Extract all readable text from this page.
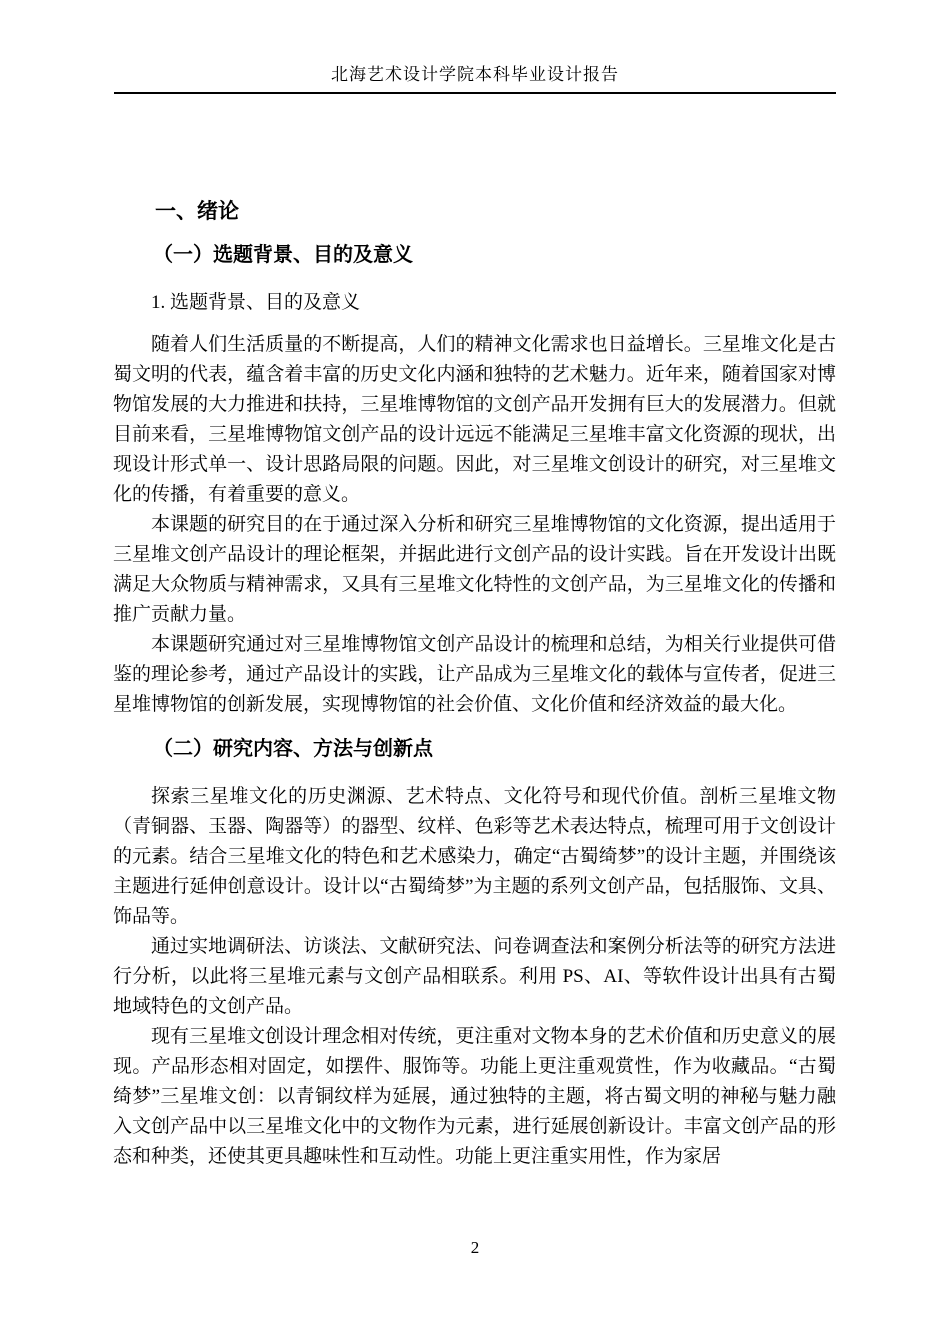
北海艺术设计学院本科毕业设计报告

一、绪论

（一）选题背景、目的及意义

1. 选题背景、目的及意义

随着人们生活质量的不断提高，人们的精神文化需求也日益增长。三星堆文化是古蜀文明的代表，蕴含着丰富的历史文化内涵和独特的艺术魅力。近年来，随着国家对博物馆发展的大力推进和扶持，三星堆博物馆的文创产品开发拥有巨大的发展潜力。但就目前来看，三星堆博物馆文创产品的设计远远不能满足三星堆丰富文化资源的现状，出现设计形式单一、设计思路局限的问题。因此，对三星堆文创设计的研究，对三星堆文化的传播，有着重要的意义。

本课题的研究目的在于通过深入分析和研究三星堆博物馆的文化资源，提出适用于三星堆文创产品设计的理论框架，并据此进行文创产品的设计实践。旨在开发设计出既满足大众物质与精神需求，又具有三星堆文化特性的文创产品，为三星堆文化的传播和推广贡献力量。

本课题研究通过对三星堆博物馆文创产品设计的梳理和总结，为相关行业提供可借鉴的理论参考，通过产品设计的实践，让产品成为三星堆文化的载体与宣传者，促进三星堆博物馆的创新发展，实现博物馆的社会价值、文化价值和经济效益的最大化。

（二）研究内容、方法与创新点

探索三星堆文化的历史渊源、艺术特点、文化符号和现代价值。剖析三星堆文物（青铜器、玉器、陶器等）的器型、纹样、色彩等艺术表达特点，梳理可用于文创设计的元素。结合三星堆文化的特色和艺术感染力，确定“古蜀绮梦”的设计主题，并围绕该主题进行延伸创意设计。设计以“古蜀绮梦”为主题的系列文创产品，包括服饰、文具、饰品等。

通过实地调研法、访谈法、文献研究法、问卷调查法和案例分析法等的研究方法进行分析，以此将三星堆元素与文创产品相联系。利用 PS、AI、等软件设计出具有古蜀地域特色的文创产品。

现有三星堆文创设计理念相对传统，更注重对文物本身的艺术价值和历史意义的展现。产品形态相对固定，如摆件、服饰等。功能上更注重观赏性，作为收藏品。“古蜀绮梦”三星堆文创：以青铜纹样为延展，通过独特的主题，将古蜀文明的神秘与魅力融入文创产品中以三星堆文化中的文物作为元素，进行延展创新设计。丰富文创产品的形态和种类，还使其更具趣味性和互动性。功能上更注重实用性，作为家居

2
